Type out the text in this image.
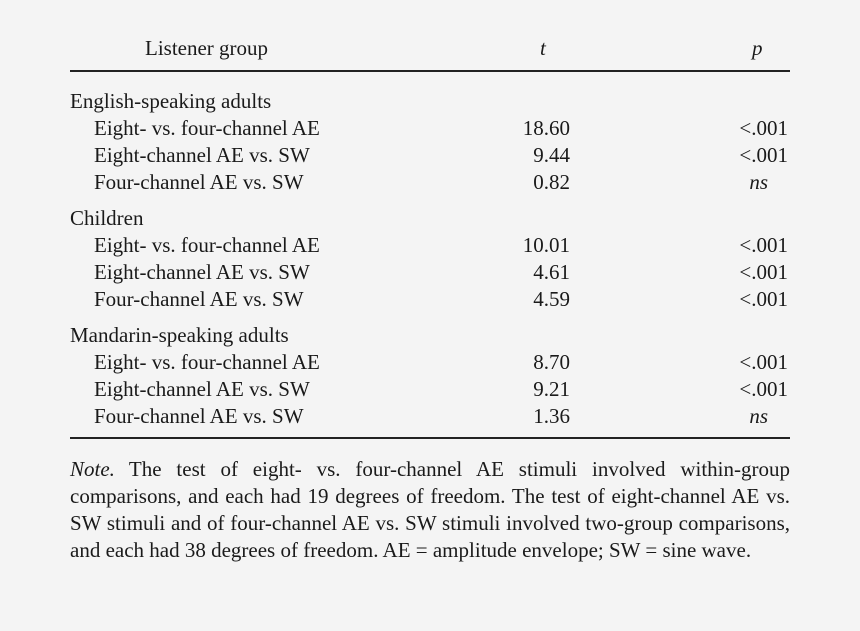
Listener group	t	p
English-speaking adults
Eight- vs. four-channel AE	18.60	<.001
Eight-channel AE vs. SW	9.44	<.001
Four-channel AE vs. SW	0.82	ns
Children
Eight- vs. four-channel AE	10.01	<.001
Eight-channel AE vs. SW	4.61	<.001
Four-channel AE vs. SW	4.59	<.001
Mandarin-speaking adults
Eight- vs. four-channel AE	8.70	<.001
Eight-channel AE vs. SW	9.21	<.001
Four-channel AE vs. SW	1.36	ns
Note. The test of eight- vs. four-channel AE stimuli involved within-group comparisons, and each had 19 degrees of freedom. The test of eight-channel AE vs. SW stimuli and of four-channel AE vs. SW stimuli involved two-group comparisons, and each had 38 degrees of freedom. AE = amplitude envelope; SW = sine wave.
